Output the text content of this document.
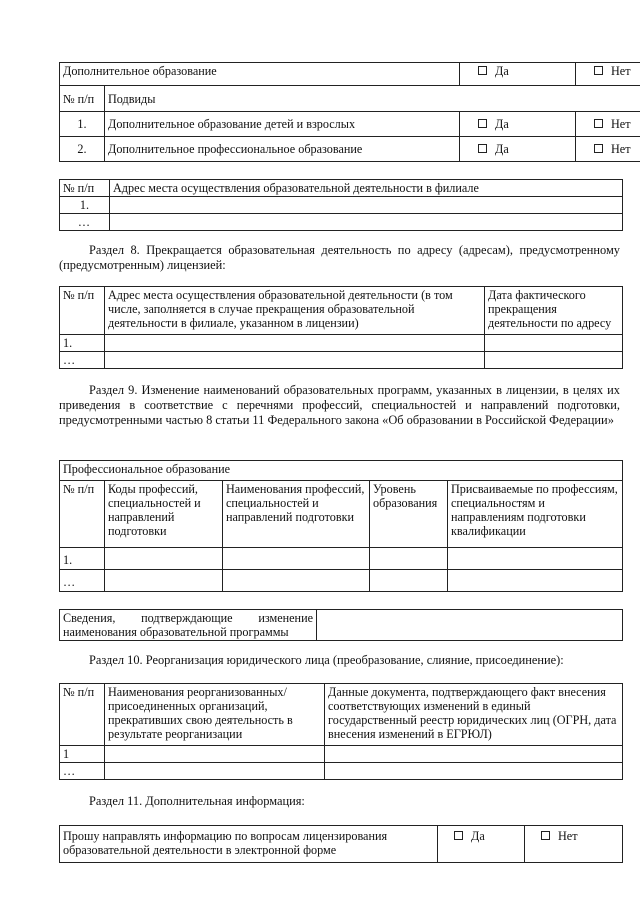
Дополнительное образование		Да	Нет
№ п/п	Подвиды		
1.	Дополнительное образование детей и взрослых	Да	Нет
2.	Дополнительное профессиональное образование	Да	Нет
№ п/п	Адрес места осуществления образовательной деятельности в филиале
1.	
…	

Раздел 8. Прекращается образовательная деятельность по адресу (адресам), предусмотренному (предусмотренным) лицензией:

№ п/п	Адрес места осуществления образовательной деятельности (в том числе, заполняется в случае прекращения образовательной деятельности в филиале, указанном в лицензии)	Дата фактического прекращения деятельности по адресу
1.		
…		

Раздел 9. Изменение наименований образовательных программ, указанных в лицензии, в целях их приведения в соответствие с перечнями профессий, специальностей и направлений подготовки, предусмотренными частью 8 статьи 11 Федерального закона «Об образовании в Российской Федерации»

Профессиональное образование				
№ п/п	Коды профессий, специальностей и направлений подготовки	Наименования профессий, специальностей и направлений подготовки	Уровень образования	Присваиваемые по профессиям, специальностям и направлениям подготовки квалификации
1.				
…				
Сведения, подтверждающие изменение наименования образовательной программы

Раздел 10. Реорганизация юридического лица (преобразование, слияние, присоединение):

№ п/п	Наименования реорганизованных/ присоединенных организаций, прекративших свою деятельность в результате реорганизации	Данные документа, подтверждающего факт внесения соответствующих изменений в единый государственный реестр юридических лиц (ОГРН, дата внесения изменений в ЕГРЮЛ)
1		
…		

Раздел 11. Дополнительная информация:

Прошу направлять информацию по вопросам лицензирования образовательной деятельности в электронной форме	Да	Нет
